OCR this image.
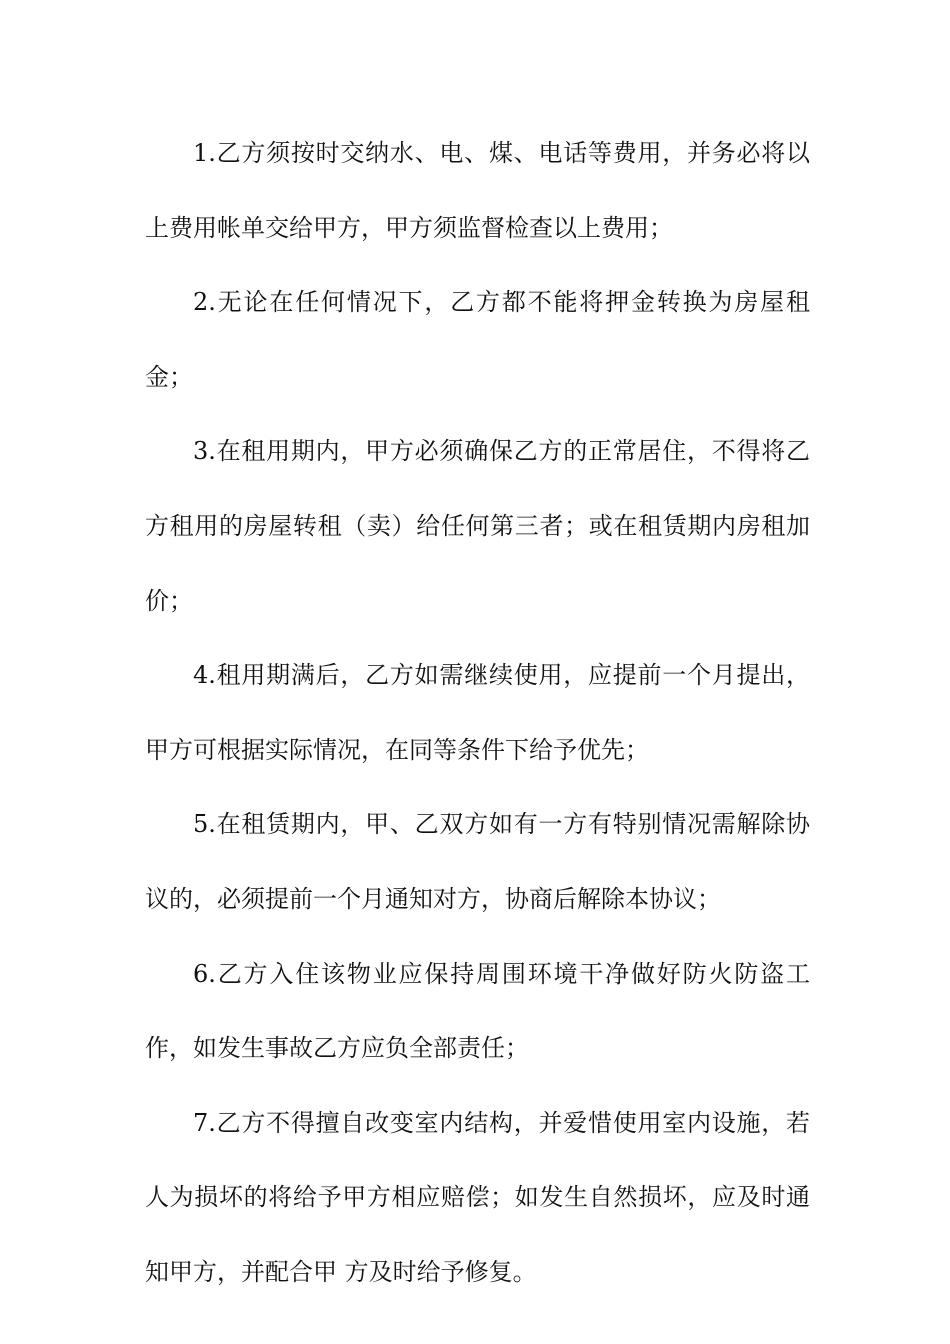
1.乙方须按时交纳水、电、煤、电话等费用，并务必将以上费用帐单交给甲方，甲方须监督检查以上费用；

2.无论在任何情况下，乙方都不能将押金转换为房屋租金；

3.在租用期内，甲方必须确保乙方的正常居住，不得将乙方租用的房屋转租（卖）给任何第三者；或在租赁期内房租加价；

4.租用期满后，乙方如需继续使用，应提前一个月提出，甲方可根据实际情况，在同等条件下给予优先；

5.在租赁期内，甲、乙双方如有一方有特别情况需解除协议的，必须提前一个月通知对方，协商后解除本协议；

6.乙方入住该物业应保持周围环境干净做好防火防盗工作，如发生事故乙方应负全部责任；

7.乙方不得擅自改变室内结构，并爱惜使用室内设施，若人为损坏的将给予甲方相应赔偿；如发生自然损坏，应及时通知甲方，并配合甲 方及时给予修复。
